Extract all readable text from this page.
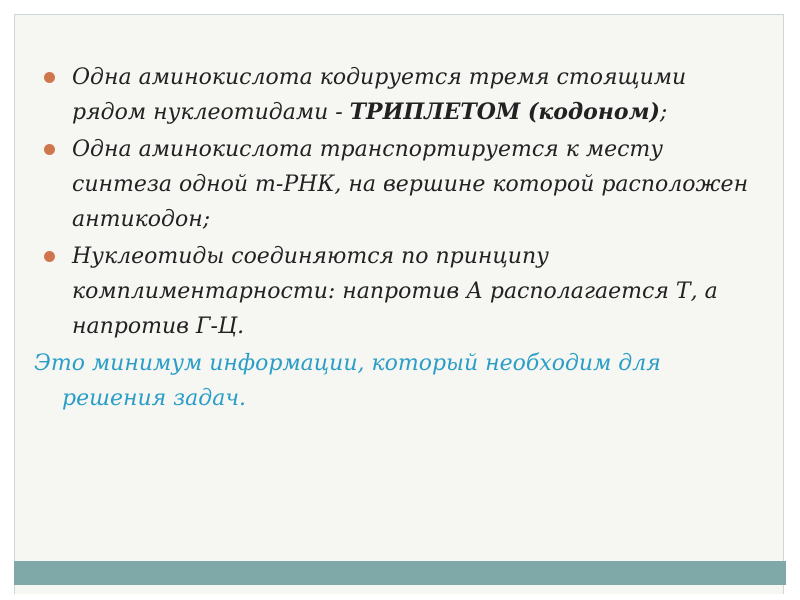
Одна аминокислота кодируется тремя стоящими рядом нуклеотидами - ТРИПЛЕТОМ (кодоном);
Одна аминокислота транспортируется к месту синтеза одной т-РНК, на вершине которой расположен антикодон;
Нуклеотиды соединяются по принципу комплиментарности: напротив А располагается Т, а напротив Г-Ц.
Это минимум информации, который необходим для решения задач.
